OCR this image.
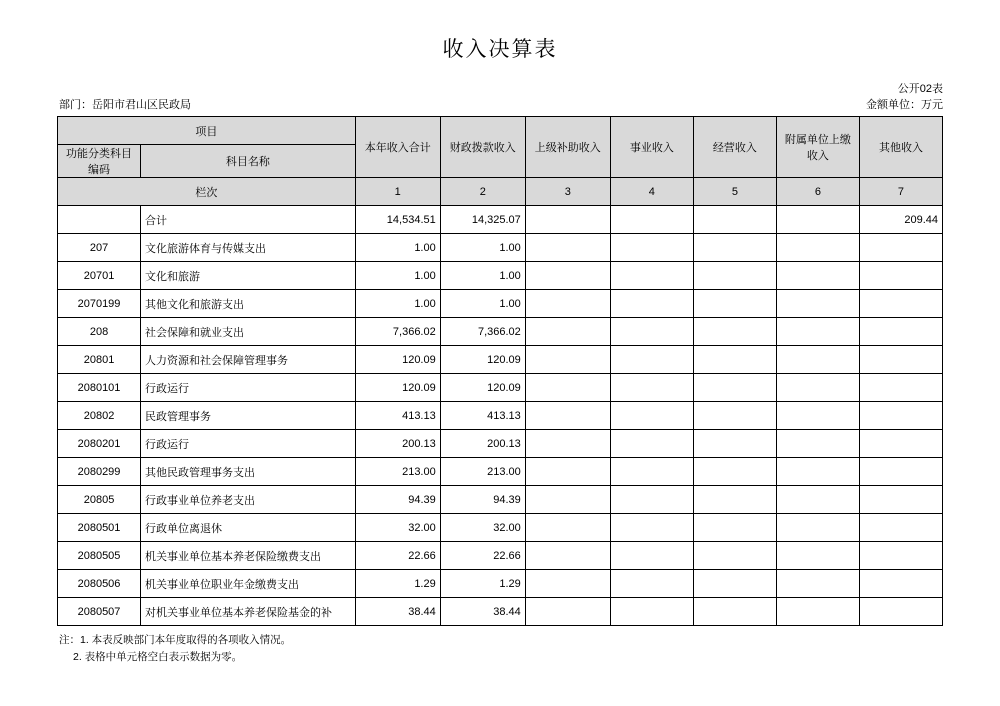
收入决算表
公开02表
部门：岳阳市君山区民政局	金额单位：万元
项目		本年收入合计	财政拨款收入	上级补助收入	事业收入	经营收入	附属单位上缴收入	其他收入
功能分类科目编码	科目名称							
栏次		1	2	3	4	5	6	7
	合计	14,534.51	14,325.07					209.44
207	文化旅游体育与传媒支出	1.00	1.00					
20701	文化和旅游	1.00	1.00					
2070199	其他文化和旅游支出	1.00	1.00					
208	社会保障和就业支出	7,366.02	7,366.02					
20801	人力资源和社会保障管理事务	120.09	120.09					
2080101	行政运行	120.09	120.09					
20802	民政管理事务	413.13	413.13					
2080201	行政运行	200.13	200.13					
2080299	其他民政管理事务支出	213.00	213.00					
20805	行政事业单位养老支出	94.39	94.39					
2080501	行政单位离退休	32.00	32.00					
2080505	机关事业单位基本养老保险缴费支出	22.66	22.66					
2080506	机关事业单位职业年金缴费支出	1.29	1.29					
2080507	对机关事业单位基本养老保险基金的补	38.44	38.44					
注：1. 本表反映部门本年度取得的各项收入情况。
2. 表格中单元格空白表示数据为零。
